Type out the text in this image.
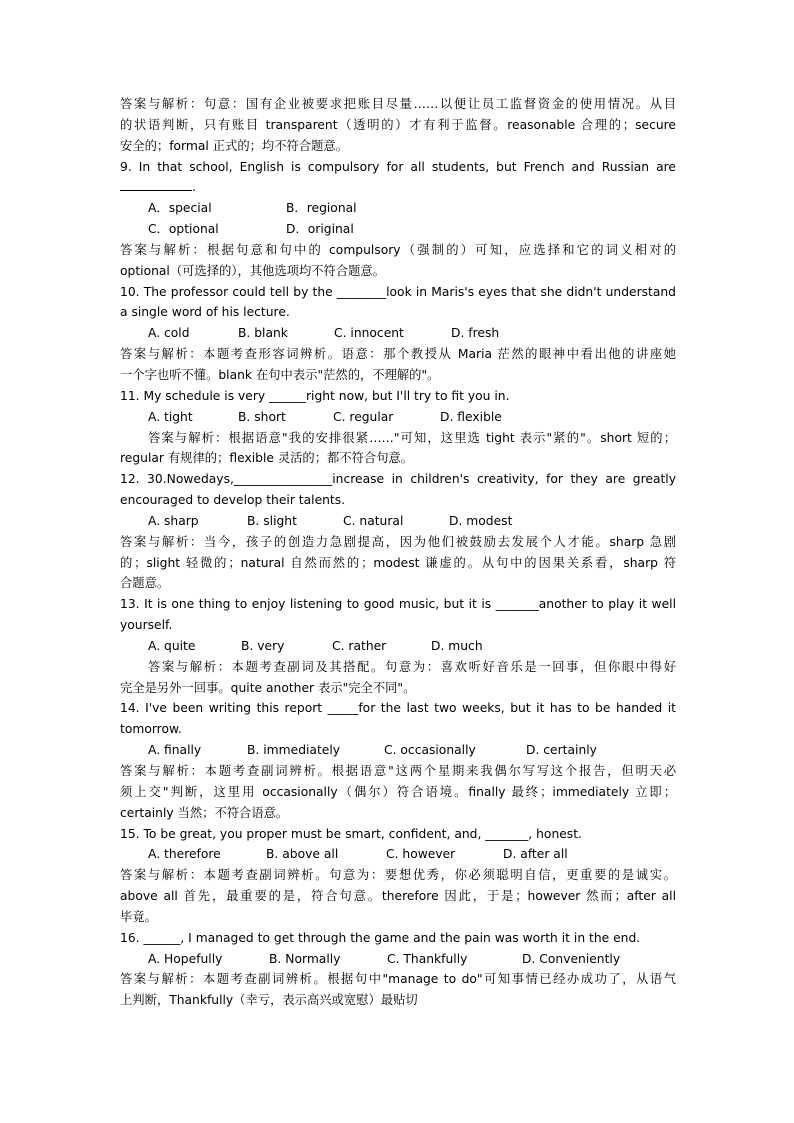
答案与解析：句意：国有企业被要求把账目尽量……以便让员工监督资金的使用情况。从目
的状语判断，只有账目 transparent（透明的）才有利于监督。reasonable 合理的；secure
安全的；formal 正式的；均不符合题意。
9. In that school, English is compulsory for all students, but French and Russian are
.
A．special	B．regional
C．optional	D．original
答案与解析：根据句意和句中的 compulsory（强制的）可知，应选择和它的词义相对的
optional（可选择的），其他选项均不符合题意。
10. The professor could tell by the ________look in Maris's eyes that she didn't understand
a single word of his lecture.
A. cold	B. blank	C. innocent	D. fresh
答案与解析：本题考查形容词辨析。语意：那个教授从 Maria 茫然的眼神中看出他的讲座她
一个字也听不懂。blank 在句中表示"茫然的，不理解的"。
11. My schedule is very ______right now, but I'll try to fit you in.
A. tight	B. short	C. regular	D. flexible
答案与解析：根据语意"我的安排很紧……"可知，这里选 tight 表示"紧的"。short 短的；
regular 有规律的；flexible 灵活的；都不符合句意。
12. 30.Nowedays,________________increase in children's creativity, for they are greatly
encouraged to develop their talents.
A. sharp	B. slight	C. natural	D. modest
答案与解析：当今，孩子的创造力急剧提高，因为他们被鼓励去发展个人才能。sharp 急剧
的；slight 轻微的；natural 自然而然的；modest 谦虚的。从句中的因果关系看，sharp 符
合题意。
13. It is one thing to enjoy listening to good music, but it is _______another to play it well
yourself.
A. quite	B. very	C. rather	D. much
答案与解析：本题考查副词及其搭配。句意为：喜欢听好音乐是一回事，但你眼中得好
完全是另外一回事。quite another 表示"完全不同"。
14. I've been writing this report _____for the last two weeks, but it has to be handed it
tomorrow.
A. finally	B. immediately	C. occasionally	D. certainly
答案与解析：本题考查副词辨析。根据语意"这两个星期来我偶尔写写这个报告，但明天必
须上交"判断，这里用 occasionally（偶尔）符合语境。finally 最终；immediately 立即；
certainly 当然；不符合语意。
15. To be great, you proper must be smart, confident, and, _______, honest.
A. therefore	B. above all	C. however	D. after all
答案与解析：本题考查副词辨析。句意为：要想优秀，你必须聪明自信，更重要的是诚实。
above all 首先，最重要的是，符合句意。therefore 因此，于是；however 然而；after all
毕竟。
16. ______, I managed to get through the game and the pain was worth it in the end.
A. Hopefully	B. Normally	C. Thankfully	D. Conveniently
答案与解析：本题考查副词辨析。根据句中"manage to do"可知事情已经办成功了，从语气
上判断，Thankfully（幸亏，表示高兴或宽慰）最贴切
